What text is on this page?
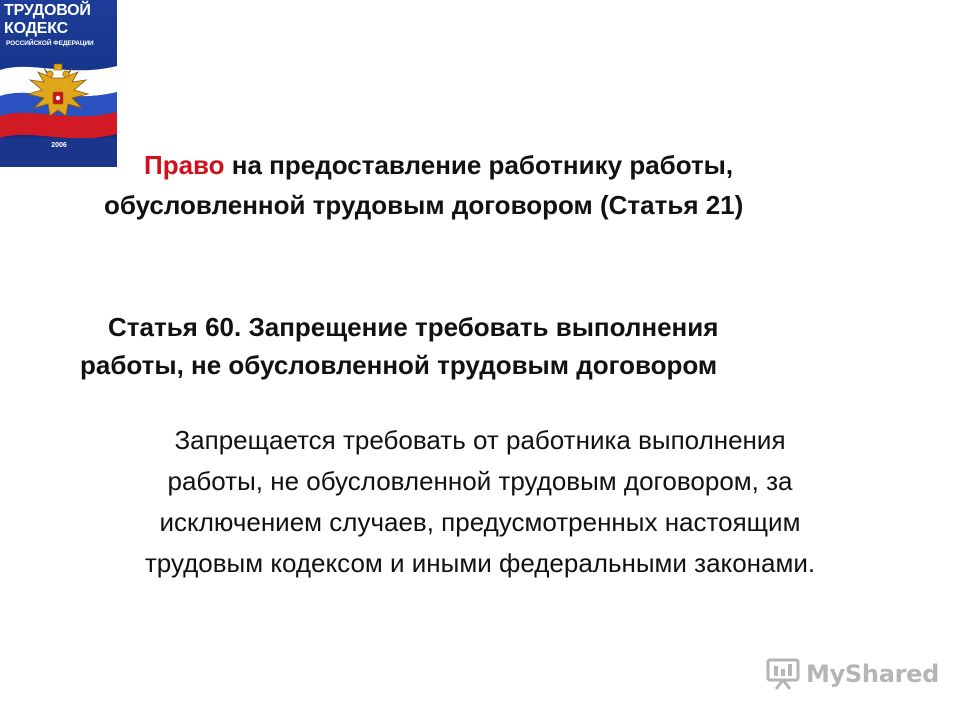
ТРУДОВОЙ
КОДЕКС
РОССИЙСКОЙ ФЕДЕРАЦИИ
2006
Право на предоставление работнику работы,
обусловленной трудовым договором (Статья 21)
Статья 60. Запрещение требовать выполнения
работы, не обусловленной трудовым договором
Запрещается требовать от работника выполнения
работы, не обусловленной трудовым договором, за
исключением случаев, предусмотренных настоящим
трудовым кодексом и иными федеральными законами.
MyShared
